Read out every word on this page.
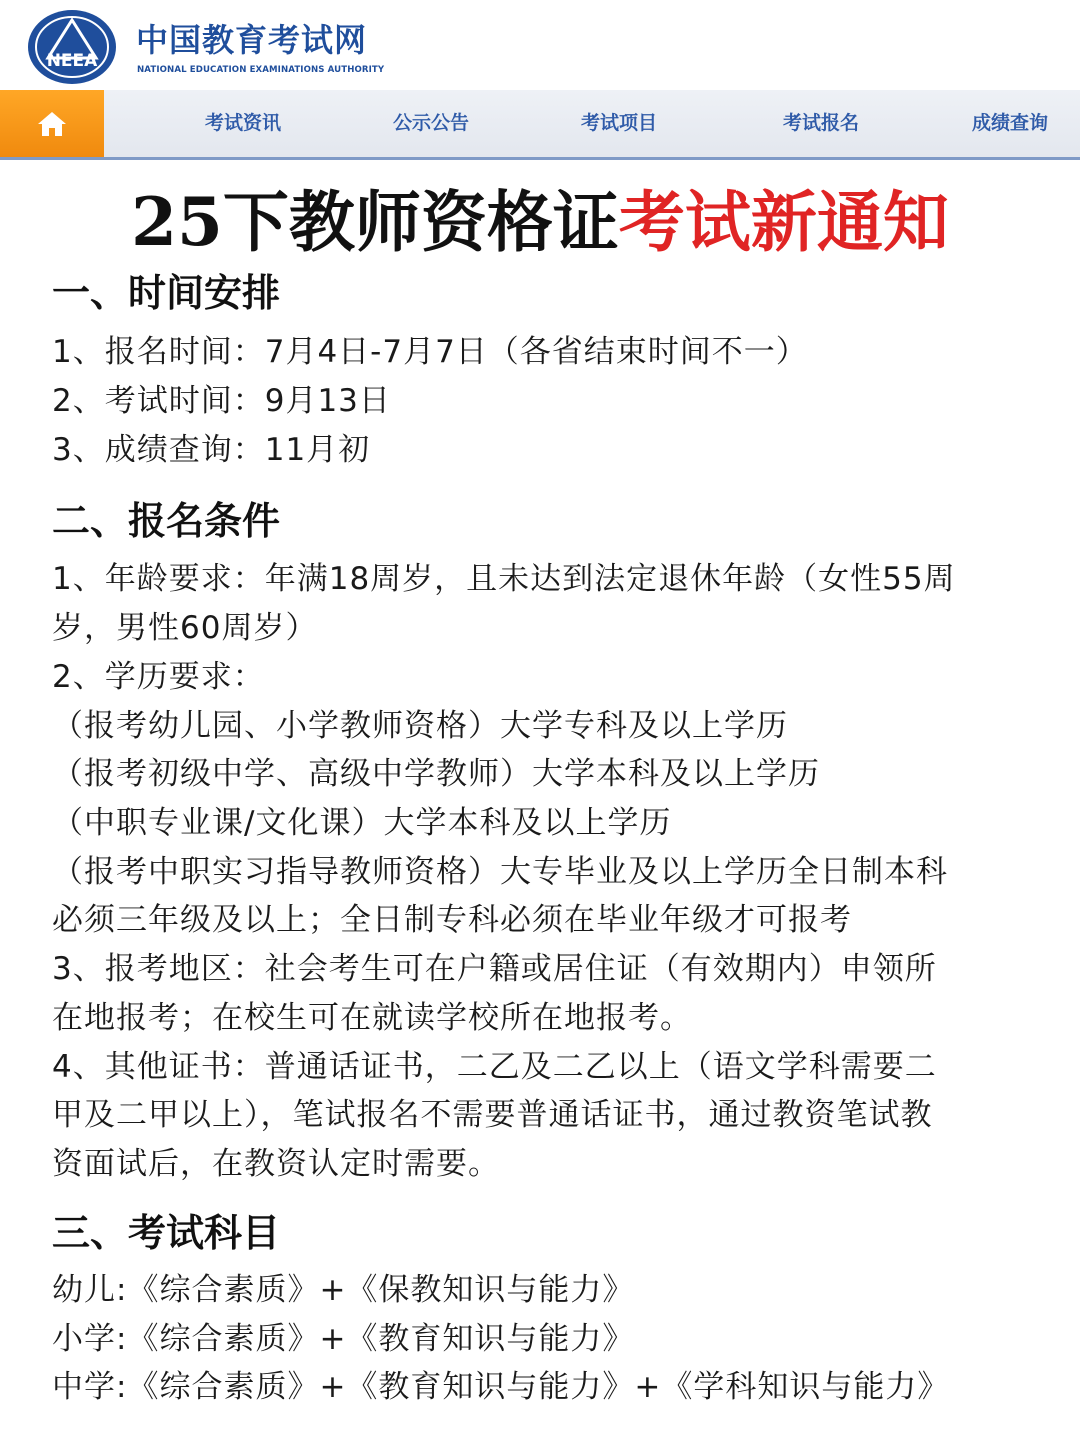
NEEA
中国教育考试网
NATIONAL EDUCATION EXAMINATIONS AUTHORITY
考试资讯	公示公告	考试项目	考试报名	成绩查询
25下教师资格证考试新通知
一、时间安排
1、报名时间：7月4日-7月7日（各省结束时间不一）
2、考试时间：9月13日
3、成绩查询：11月初
二、报名条件
1、年龄要求：年满18周岁，且未达到法定退休年龄（女性55周
岁，男性60周岁）
2、学历要求：
（报考幼儿园、小学教师资格）大学专科及以上学历
（报考初级中学、高级中学教师）大学本科及以上学历
（中职专业课/文化课）大学本科及以上学历
（报考中职实习指导教师资格）大专毕业及以上学历全日制本科
必须三年级及以上；全日制专科必须在毕业年级才可报考
3、报考地区：社会考生可在户籍或居住证（有效期内）申领所
在地报考；在校生可在就读学校所在地报考。
4、其他证书：普通话证书，二乙及二乙以上（语文学科需要二
甲及二甲以上），笔试报名不需要普通话证书，通过教资笔试教
资面试后，在教资认定时需要。
三、考试科目
幼儿:《综合素质》+《保教知识与能力》
小学:《综合素质》+《教育知识与能力》
中学:《综合素质》+《教育知识与能力》+《学科知识与能力》
